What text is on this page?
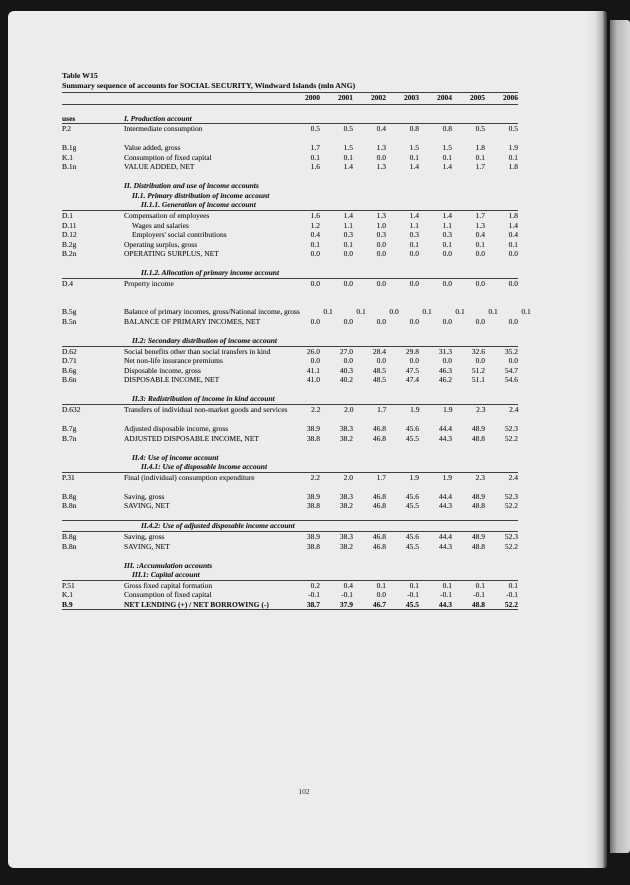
Table W15
Summary sequence of accounts for SOCIAL SECURITY, Windward Islands (mln ANG)
2000	2001	2002	2003	2004	2005	2006
uses	I. Production account
P.2	Intermediate consumption	0.5	0.5	0.4	0.8	0.8	0.5	0.5
B.1g	Value added, gross	1.7	1.5	1.3	1.5	1.5	1.8	1.9
K.1	Consumption of fixed capital	0.1	0.1	0.0	0.1	0.1	0.1	0.1
B.1n	VALUE ADDED, NET	1.6	1.4	1.3	1.4	1.4	1.7	1.8
II. Distribution and use of income accounts
II.1. Primary distribution of income account
II.1.1. Generation of income account
D.1	Compensation of employees	1.6	1.4	1.3	1.4	1.4	1.7	1.8
D.11	Wages and salaries	1.2	1.1	1.0	1.1	1.1	1.3	1.4
D.12	Employers' social contributions	0.4	0.3	0.3	0.3	0.3	0.4	0.4
B.2g	Operating surplus, gross	0.1	0.1	0.0	0.1	0.1	0.1	0.1
B.2n	OPERATING SURPLUS, NET	0.0	0.0	0.0	0.0	0.0	0.0	0.0
II.1.2. Allocation of primary income account
D.4	Property income	0.0	0.0	0.0	0.0	0.0	0.0	0.0
B.5g	Balance of primary incomes, gross/National income, gross	0.1	0.1	0.0	0.1	0.1	0.1	0.1
B.5n	BALANCE OF PRIMARY INCOMES, NET	0.0	0.0	0.0	0.0	0.0	0.0	0.0
II.2: Secondary distribution of income account
D.62	Social benefits other than social transfers in kind	26.0	27.0	28.4	29.8	31.3	32.6	35.2
D.71	Net non-life insurance premiums	0.0	0.0	0.0	0.0	0.0	0.0	0.0
B.6g	Disposable income, gross	41.1	40.3	48.5	47.5	46.3	51.2	54.7
B.6n	DISPOSABLE INCOME, NET	41.0	40.2	48.5	47.4	46.2	51.1	54.6
II.3: Redistribution of income in kind account
D.632	Transfers of individual non-market goods and services	2.2	2.0	1.7	1.9	1.9	2.3	2.4
B.7g	Adjusted disposable income, gross	38.9	38.3	46.8	45.6	44.4	48.9	52.3
B.7n	ADJUSTED DISPOSABLE INCOME, NET	38.8	38.2	46.8	45.5	44.3	48.8	52.2
II.4: Use of income account
II.4.1: Use of disposable income account
P.31	Final (individual) consumption expenditure	2.2	2.0	1.7	1.9	1.9	2.3	2.4
B.8g	Saving, gross	38.9	38.3	46.8	45.6	44.4	48.9	52.3
B.8n	SAVING, NET	38.8	38.2	46.8	45.5	44.3	48.8	52.2
II.4.2: Use of adjusted disposable income account
B.8g	Saving, gross	38.9	38.3	46.8	45.6	44.4	48.9	52.3
B.8n	SAVING, NET	38.8	38.2	46.8	45.5	44.3	48.8	52.2
III. :Accumulation accounts
III.1: Capital account
P.51	Gross fixed capital formation	0.2	0.4	0.1	0.1	0.1	0.1	0.1
K.1	Consumption of fixed capital	-0.1	-0.1	0.0	-0.1	-0.1	-0.1	-0.1
B.9	NET LENDING (+) / NET BORROWING (-)	38.7	37.9	46.7	45.5	44.3	48.8	52.2
102
